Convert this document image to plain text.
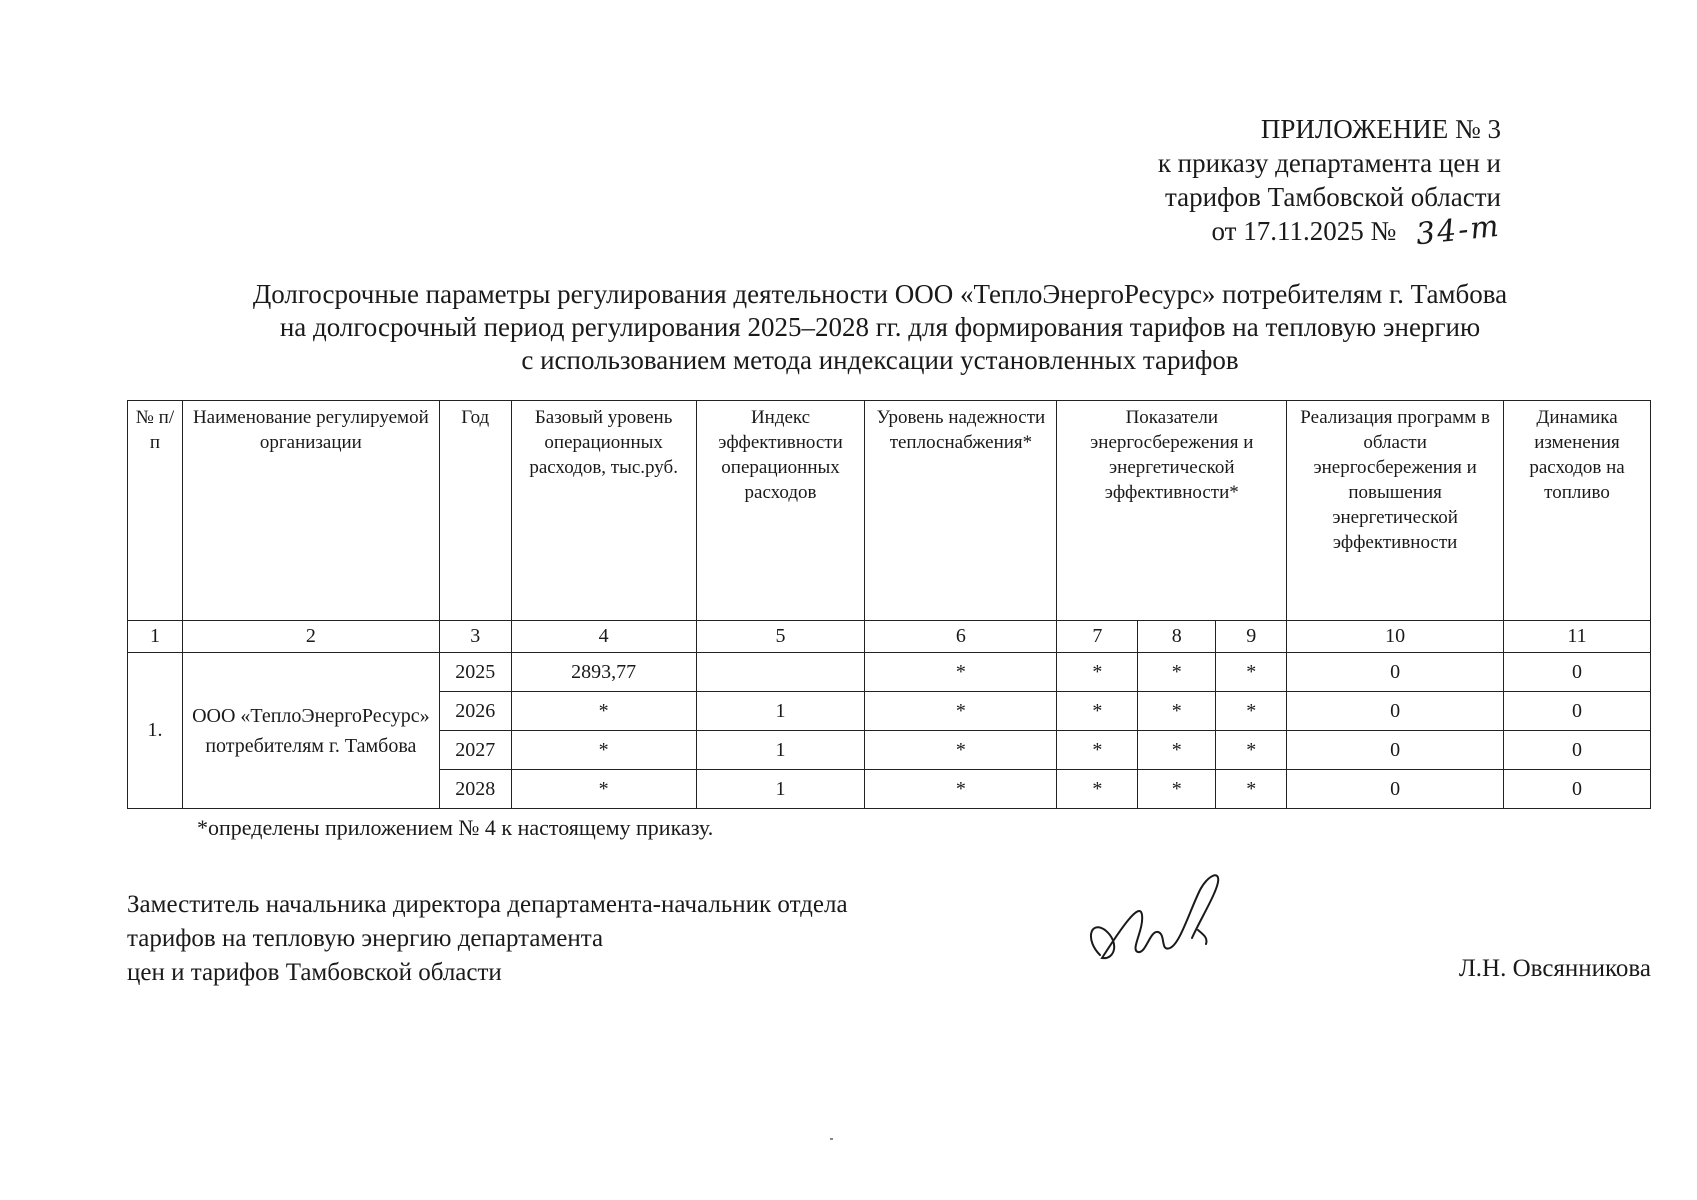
ПРИЛОЖЕНИЕ № 3
к приказу департамента цен и
тарифов Тамбовской области
от 17.11.2025 № 34-т
Долгосрочные параметры регулирования деятельности ООО «ТеплоЭнергоРесурс» потребителям г. Тамбова
на долгосрочный период регулирования 2025–2028 гг. для формирования тарифов на тепловую энергию
с использованием метода индексации установленных тарифов
№ п/п	Наименование регулируемой организации	Год	Базовый уровень операционных расходов, тыс.руб.	Индекс эффективности операционных расходов	Уровень надежности теплоснабжения*	Показатели энергосбережения и энергетической эффективности*			Реализация программ в области энергосбережения и повышения энергетической эффективности	Динамика изменения расходов на топливо
1	2	3	4	5	6	7	8	9	10	11
1.	ООО «ТеплоЭнергоРесурс» потребителям г. Тамбова	2025	2893,77		*	*	*	*	0	0
		2026	*	1	*	*	*	*	0	0
		2027	*	1	*	*	*	*	0	0
		2028	*	1	*	*	*	*	0	0
*определены приложением № 4 к настоящему приказу.
Заместитель начальника директора департамента-начальник отдела
тарифов на тепловую энергию департамента
цен и тарифов Тамбовской области	Л.Н. Овсянникова
